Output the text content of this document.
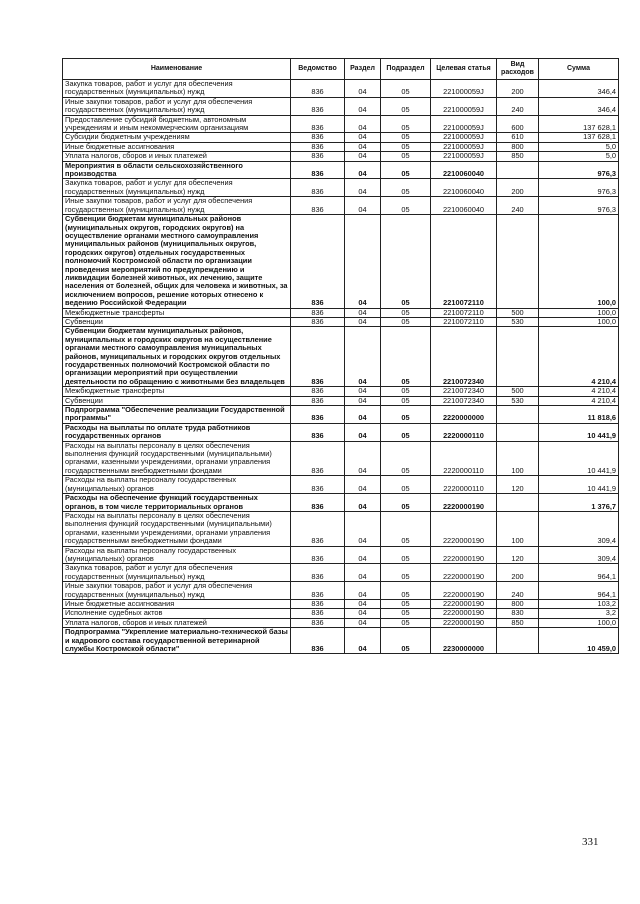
Наименование	Ведомство	Раздел	Подраздел	Целевая статья	Вид расходов	Сумма
Закупка товаров, работ и услуг для обеспечения государственных (муниципальных) нужд	836	04	05	221000059J	200	346,4
Иные закупки товаров, работ и услуг для обеспечения государственных (муниципальных) нужд	836	04	05	221000059J	240	346,4
Предоставление субсидий бюджетным, автономным учреждениям и иным некоммерческим организациям	836	04	05	221000059J	600	137 628,1
Субсидии бюджетным учреждениям	836	04	05	221000059J	610	137 628,1
Иные бюджетные ассигнования	836	04	05	221000059J	800	5,0
Уплата налогов, сборов и иных платежей	836	04	05	221000059J	850	5,0
Мероприятия в области сельскохозяйственного производства	836	04	05	2210060040		976,3
Закупка товаров, работ и услуг для обеспечения государственных (муниципальных) нужд	836	04	05	2210060040	200	976,3
Иные закупки товаров, работ и услуг для обеспечения государственных (муниципальных) нужд	836	04	05	2210060040	240	976,3
Субвенции бюджетам муниципальных районов (муниципальных округов, городских округов) на осуществление органами местного самоуправления муниципальных районов (муниципальных округов, городских округов) отдельных государственных полномочий Костромской области по организации проведения мероприятий по предупреждению и ликвидации болезней животных, их лечению, защите населения от болезней, общих для человека и животных, за исключением вопросов, решение которых отнесено к ведению Российской Федерации	836	04	05	2210072110		100,0
Межбюджетные трансферты	836	04	05	2210072110	500	100,0
Субвенции	836	04	05	2210072110	530	100,0
Субвенции бюджетам муниципальных районов, муниципальных и городских округов на осуществление органами местного самоуправления муниципальных районов, муниципальных и городских округов отдельных государственных полномочий Костромской области по организации мероприятий при осуществлении деятельности по обращению с животными без владельцев	836	04	05	2210072340		4 210,4
Межбюджетные трансферты	836	04	05	2210072340	500	4 210,4
Субвенции	836	04	05	2210072340	530	4 210,4
Подпрограмма "Обеспечение реализации Государственной программы"	836	04	05	2220000000		11 818,6
Расходы на выплаты по оплате труда работников государственных органов	836	04	05	2220000110		10 441,9
Расходы на выплаты персоналу в целях обеспечения выполнения функций государственными (муниципальными) органами, казенными учреждениями, органами управления государственными внебюджетными фондами	836	04	05	2220000110	100	10 441,9
Расходы на выплаты персоналу государственных (муниципальных) органов	836	04	05	2220000110	120	10 441,9
Расходы на обеспечение функций государственных органов, в том числе территориальных органов	836	04	05	2220000190		1 376,7
Расходы на выплаты персоналу в целях обеспечения выполнения функций государственными (муниципальными) органами, казенными учреждениями, органами управления государственными внебюджетными фондами	836	04	05	2220000190	100	309,4
Расходы на выплаты персоналу государственных (муниципальных) органов	836	04	05	2220000190	120	309,4
Закупка товаров, работ и услуг для обеспечения государственных (муниципальных) нужд	836	04	05	2220000190	200	964,1
Иные закупки товаров, работ и услуг для обеспечения государственных (муниципальных) нужд	836	04	05	2220000190	240	964,1
Иные бюджетные ассигнования	836	04	05	2220000190	800	103,2
Исполнение судебных актов	836	04	05	2220000190	830	3,2
Уплата налогов, сборов и иных платежей	836	04	05	2220000190	850	100,0
Подпрограмма "Укрепление материально-технической базы и кадрового состава государственной ветеринарной службы Костромской области"	836	04	05	2230000000		10 459,0
331
